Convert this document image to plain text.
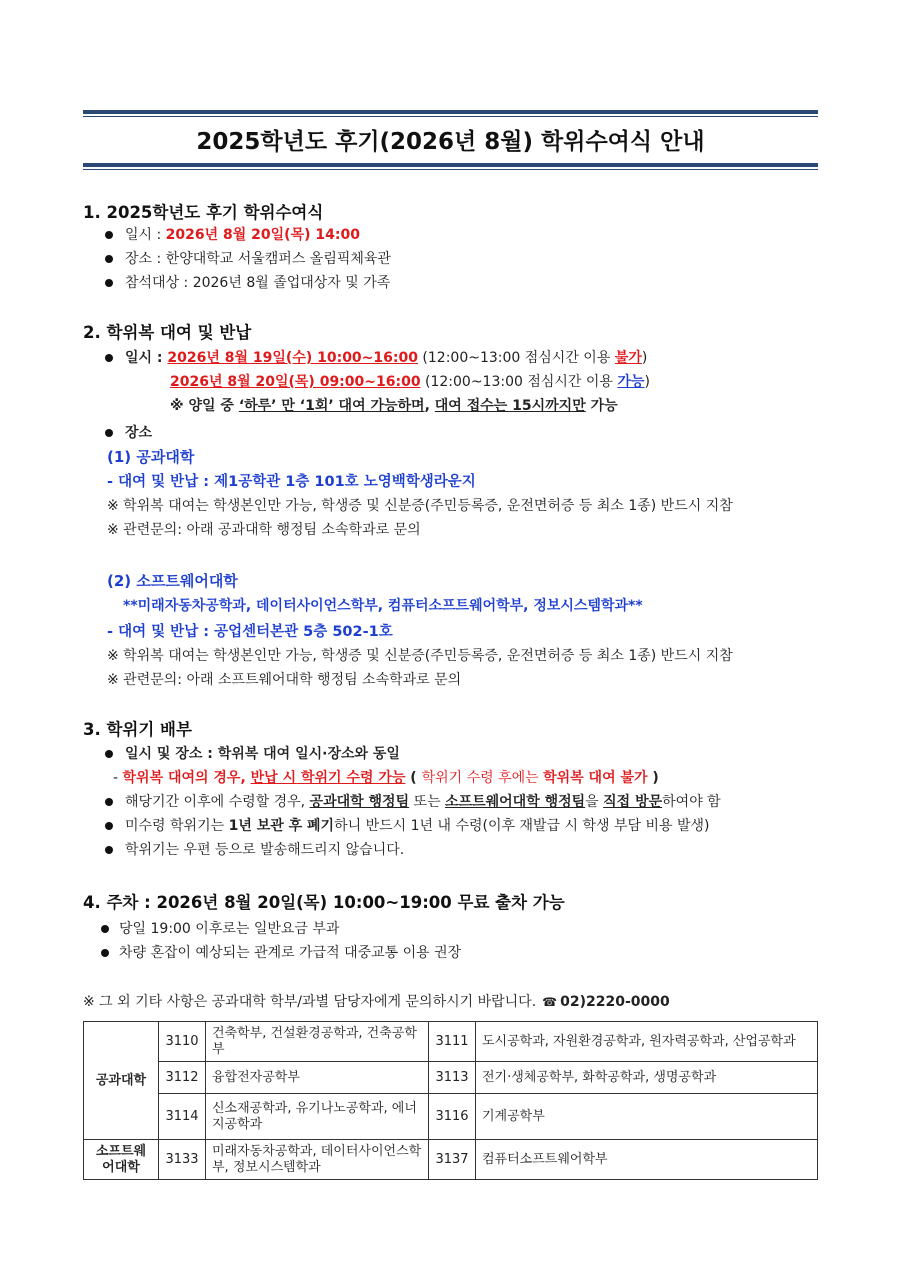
2025학년도 후기(2026년 8월) 학위수여식 안내
1. 2025학년도 후기 학위수여식
일시 : 2026년 8월 20일(목) 14:00
장소 : 한양대학교 서울캠퍼스 올림픽체육관
참석대상 : 2026년 8월 졸업대상자 및 가족
2. 학위복 대여 및 반납
일시 : 2026년 8월 19일(수) 10:00~16:00 (12:00~13:00 점심시간 이용 불가)
2026년 8월 20일(목) 09:00~16:00 (12:00~13:00 점심시간 이용 가능)
※ 양일 중 ‘하루’ 만 ‘1회’ 대여 가능하며, 대여 접수는 15시까지만 가능
장소
(1) 공과대학
- 대여 및 반납 : 제1공학관 1층 101호 노영백학생라운지
※ 학위복 대여는 학생본인만 가능, 학생증 및 신분증(주민등록증, 운전면허증 등 최소 1종) 반드시 지참
※ 관련문의: 아래 공과대학 행정팀 소속학과로 문의
(2) 소프트웨어대학
**미래자동차공학과, 데이터사이언스학부, 컴퓨터소프트웨어학부, 정보시스템학과**
- 대여 및 반납 : 공업센터본관 5층 502-1호
※ 학위복 대여는 학생본인만 가능, 학생증 및 신분증(주민등록증, 운전면허증 등 최소 1종) 반드시 지참
※ 관련문의: 아래 소프트웨어대학 행정팀 소속학과로 문의
3. 학위기 배부
일시 및 장소 : 학위복 대여 일시·장소와 동일
- 학위복 대여의 경우, 반납 시 학위기 수령 가능 ( 학위기 수령 후에는 학위복 대여 불가 )
해당기간 이후에 수령할 경우, 공과대학 행정팀 또는 소프트웨어대학 행정팀을 직접 방문하여야 함
미수령 학위기는 1년 보관 후 폐기하니 반드시 1년 내 수령(이후 재발급 시 학생 부담 비용 발생)
학위기는 우편 등으로 발송해드리지 않습니다.
4. 주차 : 2026년 8월 20일(목) 10:00~19:00 무료 출차 가능
당일 19:00 이후로는 일반요금 부과
차량 혼잡이 예상되는 관계로 가급적 대중교통 이용 권장
※ 그 외 기타 사항은 공과대학 학부/과별 담당자에게 문의하시기 바랍니다. ☎ 02)2220-0000
공과대학	3110	건축학부, 건설환경공학과, 건축공학부	3111	도시공학과, 자원환경공학과, 원자력공학과, 산업공학과
	3112	융합전자공학부	3113	전기·생체공학부, 화학공학과, 생명공학과
	3114	신소재공학과, 유기나노공학과, 에너지공학과	3116	기계공학부
소프트웨어대학	3133	미래자동차공학과, 데이터사이언스학부, 정보시스템학과	3137	컴퓨터소프트웨어학부
